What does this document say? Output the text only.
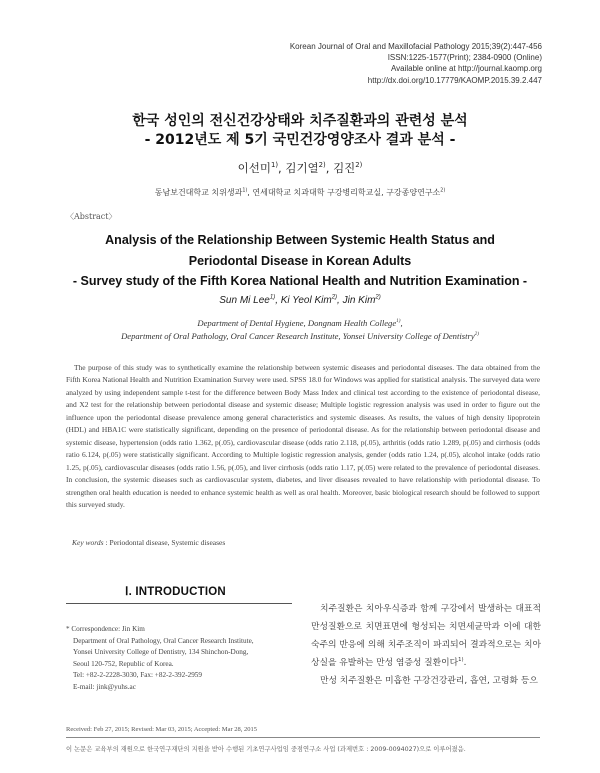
Korean Journal of Oral and Maxillofacial Pathology 2015;39(2):447-456
ISSN:1225-1577(Print); 2384-0900 (Online)
Available online at http://journal.kaomp.org
http://dx.doi.org/10.17779/KAOMP.2015.39.2.447
한국 성인의 전신건강상태와 치주질환과의 관련성 분석
- 2012년도 제 5기 국민건강영양조사 결과 분석 -
이선미$^{1)}$, 김기열$^{2)}$, 김진$^{2)}$
동남보건대학교 치위생과$^{1)}$, 연세대학교 치과대학 구강병리학교실, 구강종양연구소$^{2)}$
〈Abstract〉
Analysis of the Relationship Between Systemic Health Status and
Periodontal Disease in Korean Adults
- Survey study of the Fifth Korea National Health and Nutrition Examination -
Sun Mi Lee$^{1)}$, Ki Yeol Kim$^{2)}$, Jin Kim$^{2)}$
Department of Dental Hygiene, Dongnam Health College$^{1)}$,
Department of Oral Pathology, Oral Cancer Research Institute, Yonsei University College of Dentistry$^{2)}$

The purpose of this study was to synthetically examine the relationship between systemic diseases and periodontal diseases. The data obtained from the Fifth Korea National Health and Nutrition Examination Survey were used. SPSS 18.0 for Windows was applied for statistical analysis. The surveyed data were analyzed by using independent sample t-test for the difference between Body Mass Index and clinical test according to the existence of periodontal disease, and X2 test for the relationship between periodontal disease and systemic disease; Multiple logistic regression analysis was used in order to figure out the influence upon the periodontal disease prevalence among general characteristics and systemic diseases. As results, the values of high density lipoprotein (HDL) and HBA1C were statistically significant, depending on the presence of periodontal disease. As for the relationship between periodontal disease and systemic disease, hypertension (odds ratio 1.362, p(.05), cardiovascular disease (odds ratio 2.118, p(.05), arthritis (odds ratio 1.289, p(.05) and cirrhosis (odds ratio 6.124, p(.05) were statistically significant. According to Multiple logistic regression analysis, gender (odds ratio 1.24, p(.05), alcohol intake (odds ratio 1.25, p(.05), cardiovascular diseases (odds ratio 1.56, p(.05), and liver cirrhosis (odds ratio 1.17, p(.05) were related to the prevalence of periodontal diseases. In conclusion, the systemic diseases such as cardiovascular system, diabetes, and liver diseases revealed to have relationship with periodontal disease. To strengthen oral health education is needed to enhance systemic health as well as oral health. Moreover, basic biological research should be followed to support this surveyed study.

Key words : Periodontal disease, Systemic diseases
Ⅰ. INTRODUCTION
* Correspondence: Jin Kim
Department of Oral Pathology, Oral Cancer Research Institute,
Yonsei University College of Dentistry, 134 Shinchon-Dong,
Seoul 120-752, Republic of Korea.
Tel: +82-2-2228-3030, Fax: +82-2-392-2959
E-mail: jink@yuhs.ac
Received: Feb 27, 2015; Revised: Mar 03, 2015; Accepted: Mar 28, 2015
이 논문은 교육부의 재원으로 한국연구재단의 지원을 받아 수행된 기초연구사업임 중점연구소 사업 (과제번호 : 2009-0094027)으로 이루어졌음.

치주질환은 치아우식증과 함께 구강에서 발생하는 대표적 만성질환으로 치면표면에 형성되는 치면세균막과 이에 대한 숙주의 반응에 의해 치주조직이 파괴되어 결과적으로는 치아 상실을 유발하는 만성 염증성 질환이다$^{1)}$.

만성 치주질환은 미흡한 구강건강관리, 흡연, 고령화 등으
